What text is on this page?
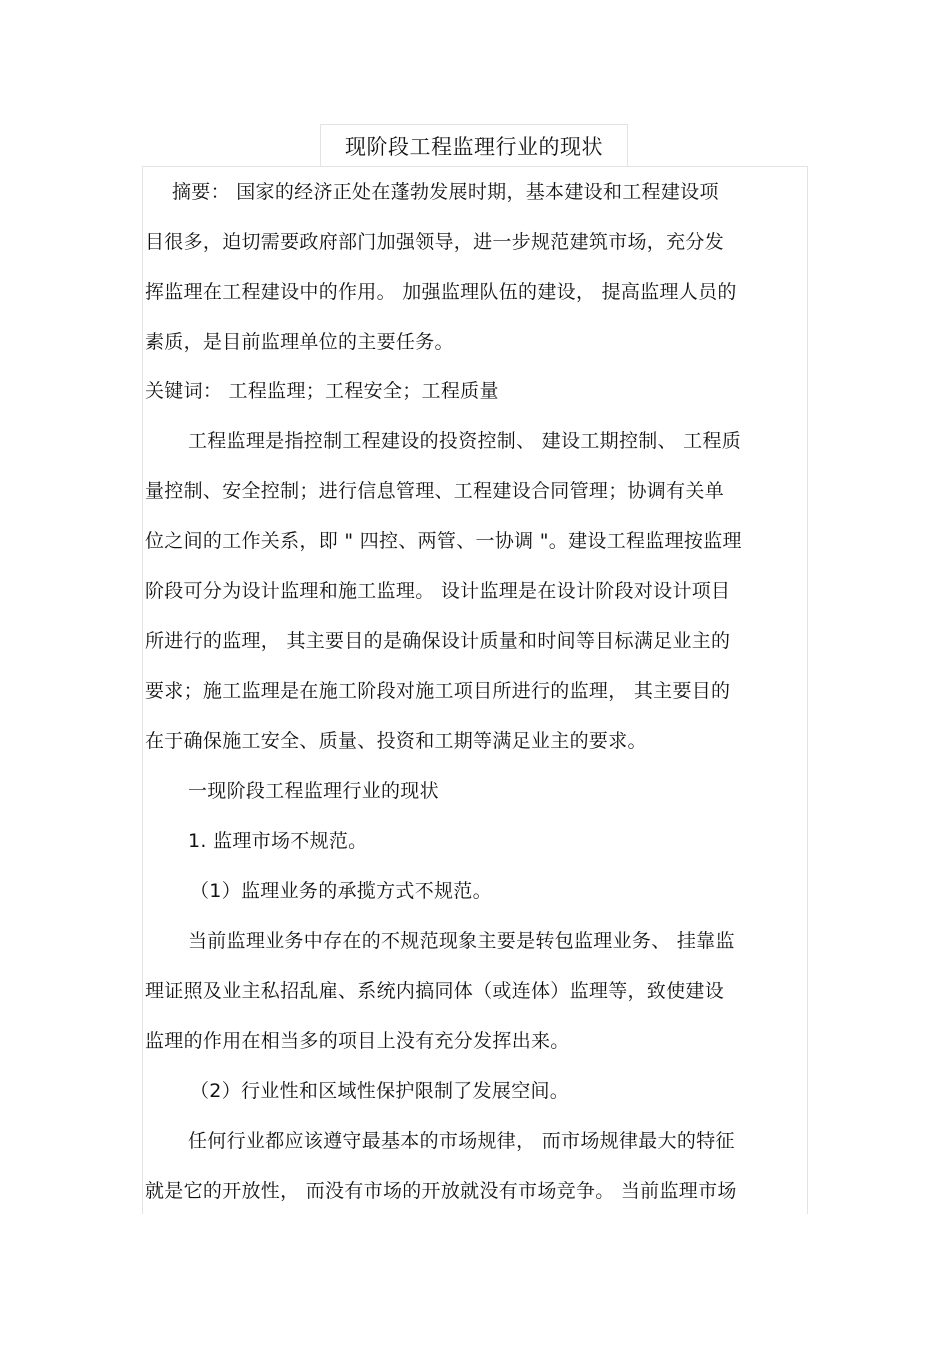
现阶段工程监理行业的现状
摘要： 国家的经济正处在蓬勃发展时期，基本建设和工程建设项
目很多，迫切需要政府部门加强领导，进一步规范建筑市场，充分发
挥监理在工程建设中的作用。 加强监理队伍的建设， 提高监理人员的
素质，是目前监理单位的主要任务。
关键词： 工程监理；工程安全；工程质量
工程监理是指控制工程建设的投资控制、 建设工期控制、 工程质
量控制、安全控制；进行信息管理、工程建设合同管理；协调有关单
位之间的工作关系，即 " 四控、两管、一协调 "。建设工程监理按监理
阶段可分为设计监理和施工监理。 设计监理是在设计阶段对设计项目
所进行的监理， 其主要目的是确保设计质量和时间等目标满足业主的
要求；施工监理是在施工阶段对施工项目所进行的监理， 其主要目的
在于确保施工安全、质量、投资和工期等满足业主的要求。
一现阶段工程监理行业的现状
1. 监理市场不规范。
（1）监理业务的承揽方式不规范。
当前监理业务中存在的不规范现象主要是转包监理业务、 挂靠监
理证照及业主私招乱雇、系统内搞同体（或连体）监理等，致使建设
监理的作用在相当多的项目上没有充分发挥出来。
（2）行业性和区域性保护限制了发展空间。
任何行业都应该遵守最基本的市场规律， 而市场规律最大的特征
就是它的开放性， 而没有市场的开放就没有市场竞争。 当前监理市场
